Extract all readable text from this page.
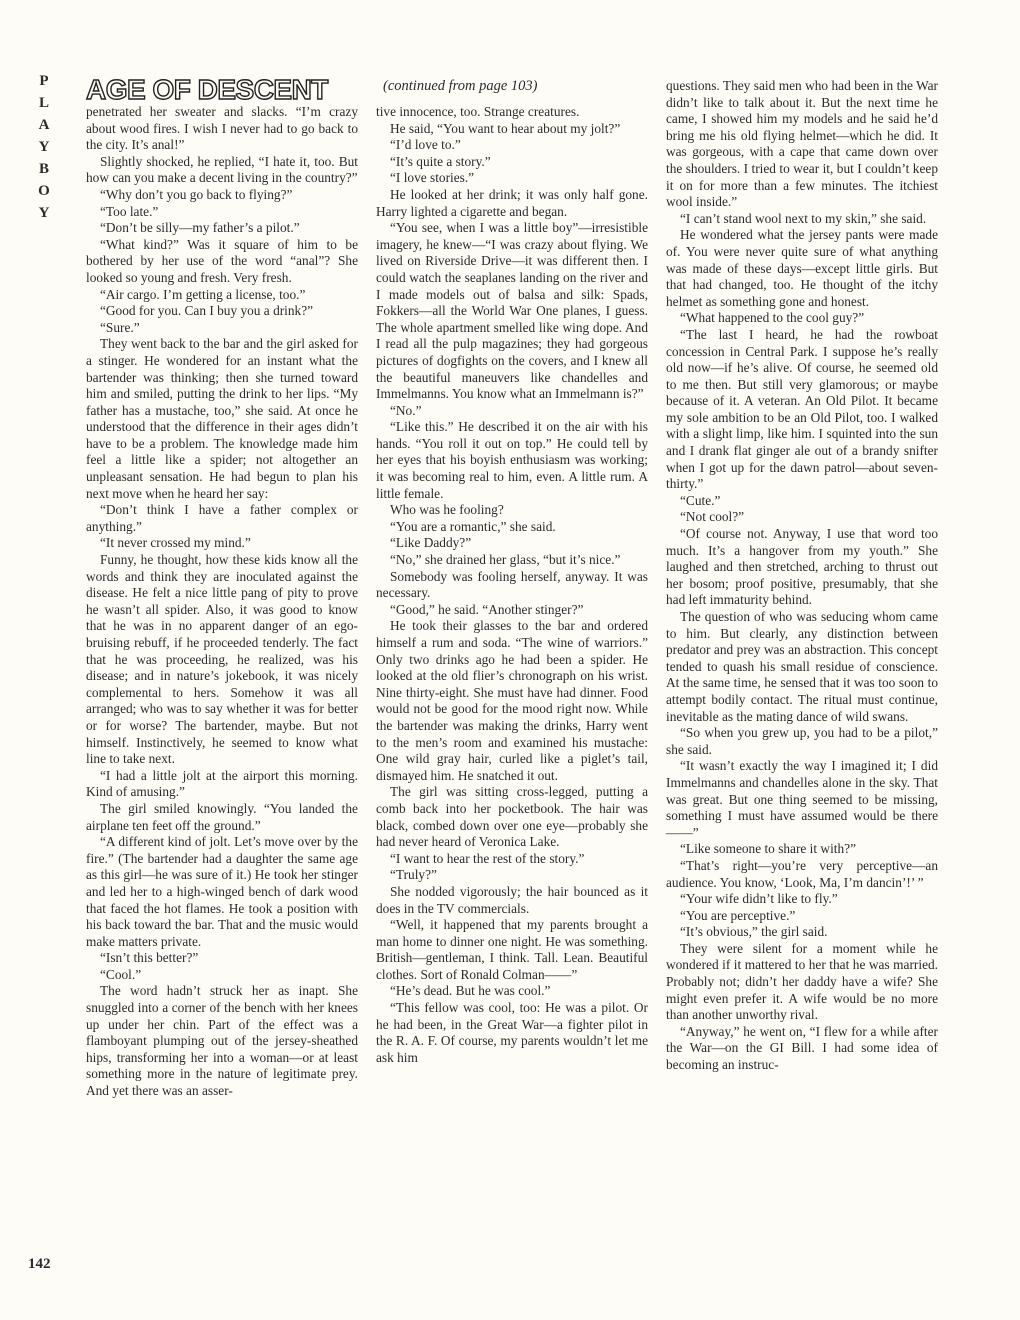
P
L
A
Y
B
O
Y
AGE OF DESCENT	(continued from page 103)

penetrated her sweater and slacks. “I’m crazy about wood fires. I wish I never had to go back to the city. It’s anal!”

Slightly shocked, he replied, “I hate it, too. But how can you make a decent living in the country?”

“Why don’t you go back to flying?”

“Too late.”

“Don’t be silly—my father’s a pilot.”

“What kind?” Was it square of him to be bothered by her use of the word “anal”? She looked so young and fresh. Very fresh.

“Air cargo. I’m getting a license, too.”

“Good for you. Can I buy you a drink?”

“Sure.”

They went back to the bar and the girl asked for a stinger. He wondered for an instant what the bartender was thinking; then she turned toward him and smiled, putting the drink to her lips. “My father has a mustache, too,” she said. At once he understood that the difference in their ages didn’t have to be a problem. The knowledge made him feel a little like a spider; not altogether an unpleasant sensation. He had begun to plan his next move when he heard her say:

“Don’t think I have a father complex or anything.”

“It never crossed my mind.”

Funny, he thought, how these kids know all the words and think they are inoculated against the disease. He felt a nice little pang of pity to prove he wasn’t all spider. Also, it was good to know that he was in no apparent danger of an ego-bruising rebuff, if he proceeded tenderly. The fact that he was proceeding, he realized, was his disease; and in nature’s jokebook, it was nicely complemental to hers. Somehow it was all arranged; who was to say whether it was for better or for worse? The bartender, maybe. But not himself. Instinctively, he seemed to know what line to take next.

“I had a little jolt at the airport this morning. Kind of amusing.”

The girl smiled knowingly. “You landed the airplane ten feet off the ground.”

“A different kind of jolt. Let’s move over by the fire.” (The bartender had a daughter the same age as this girl—he was sure of it.) He took her stinger and led her to a high-winged bench of dark wood that faced the hot flames. He took a position with his back toward the bar. That and the music would make matters private.

“Isn’t this better?”

“Cool.”

The word hadn’t struck her as inapt. She snuggled into a corner of the bench with her knees up under her chin. Part of the effect was a flamboyant plumping out of the jersey-sheathed hips, transforming her into a woman—or at least something more in the nature of legitimate prey. And yet there was an asser-

tive innocence, too. Strange creatures.

He said, “You want to hear about my jolt?”

“I’d love to.”

“It’s quite a story.”

“I love stories.”

He looked at her drink; it was only half gone. Harry lighted a cigarette and began.

“You see, when I was a little boy”—irresistible imagery, he knew—“I was crazy about flying. We lived on Riverside Drive—it was different then. I could watch the seaplanes landing on the river and I made models out of balsa and silk: Spads, Fokkers—all the World War One planes, I guess. The whole apartment smelled like wing dope. And I read all the pulp magazines; they had gorgeous pictures of dogfights on the covers, and I knew all the beautiful maneuvers like chandelles and Immelmanns. You know what an Immelmann is?”

“No.”

“Like this.” He described it on the air with his hands. “You roll it out on top.” He could tell by her eyes that his boyish enthusiasm was working; it was becoming real to him, even. A little rum. A little female.

Who was he fooling?

“You are a romantic,” she said.

“Like Daddy?”

“No,” she drained her glass, “but it’s nice.”

Somebody was fooling herself, anyway. It was necessary.

“Good,” he said. “Another stinger?”

He took their glasses to the bar and ordered himself a rum and soda. “The wine of warriors.” Only two drinks ago he had been a spider. He looked at the old flier’s chronograph on his wrist. Nine thirty-eight. She must have had dinner. Food would not be good for the mood right now. While the bartender was making the drinks, Harry went to the men’s room and examined his mustache: One wild gray hair, curled like a piglet’s tail, dismayed him. He snatched it out.

The girl was sitting cross-legged, putting a comb back into her pocketbook. The hair was black, combed down over one eye—probably she had never heard of Veronica Lake.

“I want to hear the rest of the story.”

“Truly?”

She nodded vigorously; the hair bounced as it does in the TV commercials.

“Well, it happened that my parents brought a man home to dinner one night. He was something. British—gentleman, I think. Tall. Lean. Beautiful clothes. Sort of Ronald Colman——”

“He’s dead. But he was cool.”

“This fellow was cool, too: He was a pilot. Or he had been, in the Great War—a fighter pilot in the R. A. F. Of course, my parents wouldn’t let me ask him

questions. They said men who had been in the War didn’t like to talk about it. But the next time he came, I showed him my models and he said he’d bring me his old flying helmet—which he did. It was gorgeous, with a cape that came down over the shoulders. I tried to wear it, but I couldn’t keep it on for more than a few minutes. The itchiest wool inside.”

“I can’t stand wool next to my skin,” she said.

He wondered what the jersey pants were made of. You were never quite sure of what anything was made of these days—except little girls. But that had changed, too. He thought of the itchy helmet as something gone and honest.

“What happened to the cool guy?”

“The last I heard, he had the rowboat concession in Central Park. I suppose he’s really old now—if he’s alive. Of course, he seemed old to me then. But still very glamorous; or maybe because of it. A veteran. An Old Pilot. It became my sole ambition to be an Old Pilot, too. I walked with a slight limp, like him. I squinted into the sun and I drank flat ginger ale out of a brandy snifter when I got up for the dawn patrol—about seven-thirty.”

“Cute.”

“Not cool?”

“Of course not. Anyway, I use that word too much. It’s a hangover from my youth.” She laughed and then stretched, arching to thrust out her bosom; proof positive, presumably, that she had left immaturity behind.

The question of who was seducing whom came to him. But clearly, any distinction between predator and prey was an abstraction. This concept tended to quash his small residue of conscience. At the same time, he sensed that it was too soon to attempt bodily contact. The ritual must continue, inevitable as the mating dance of wild swans.

“So when you grew up, you had to be a pilot,” she said.

“It wasn’t exactly the way I imagined it; I did Immelmanns and chandelles alone in the sky. That was great. But one thing seemed to be missing, something I must have assumed would be there——”

“Like someone to share it with?”

“That’s right—you’re very perceptive—an audience. You know, ‘Look, Ma, I’m dancin’!’ ”

“Your wife didn’t like to fly.”

“You are perceptive.”

“It’s obvious,” the girl said.

They were silent for a moment while he wondered if it mattered to her that he was married. Probably not; didn’t her daddy have a wife? She might even prefer it. A wife would be no more than another unworthy rival.

“Anyway,” he went on, “I flew for a while after the War—on the GI Bill. I had some idea of becoming an instruc-

142
